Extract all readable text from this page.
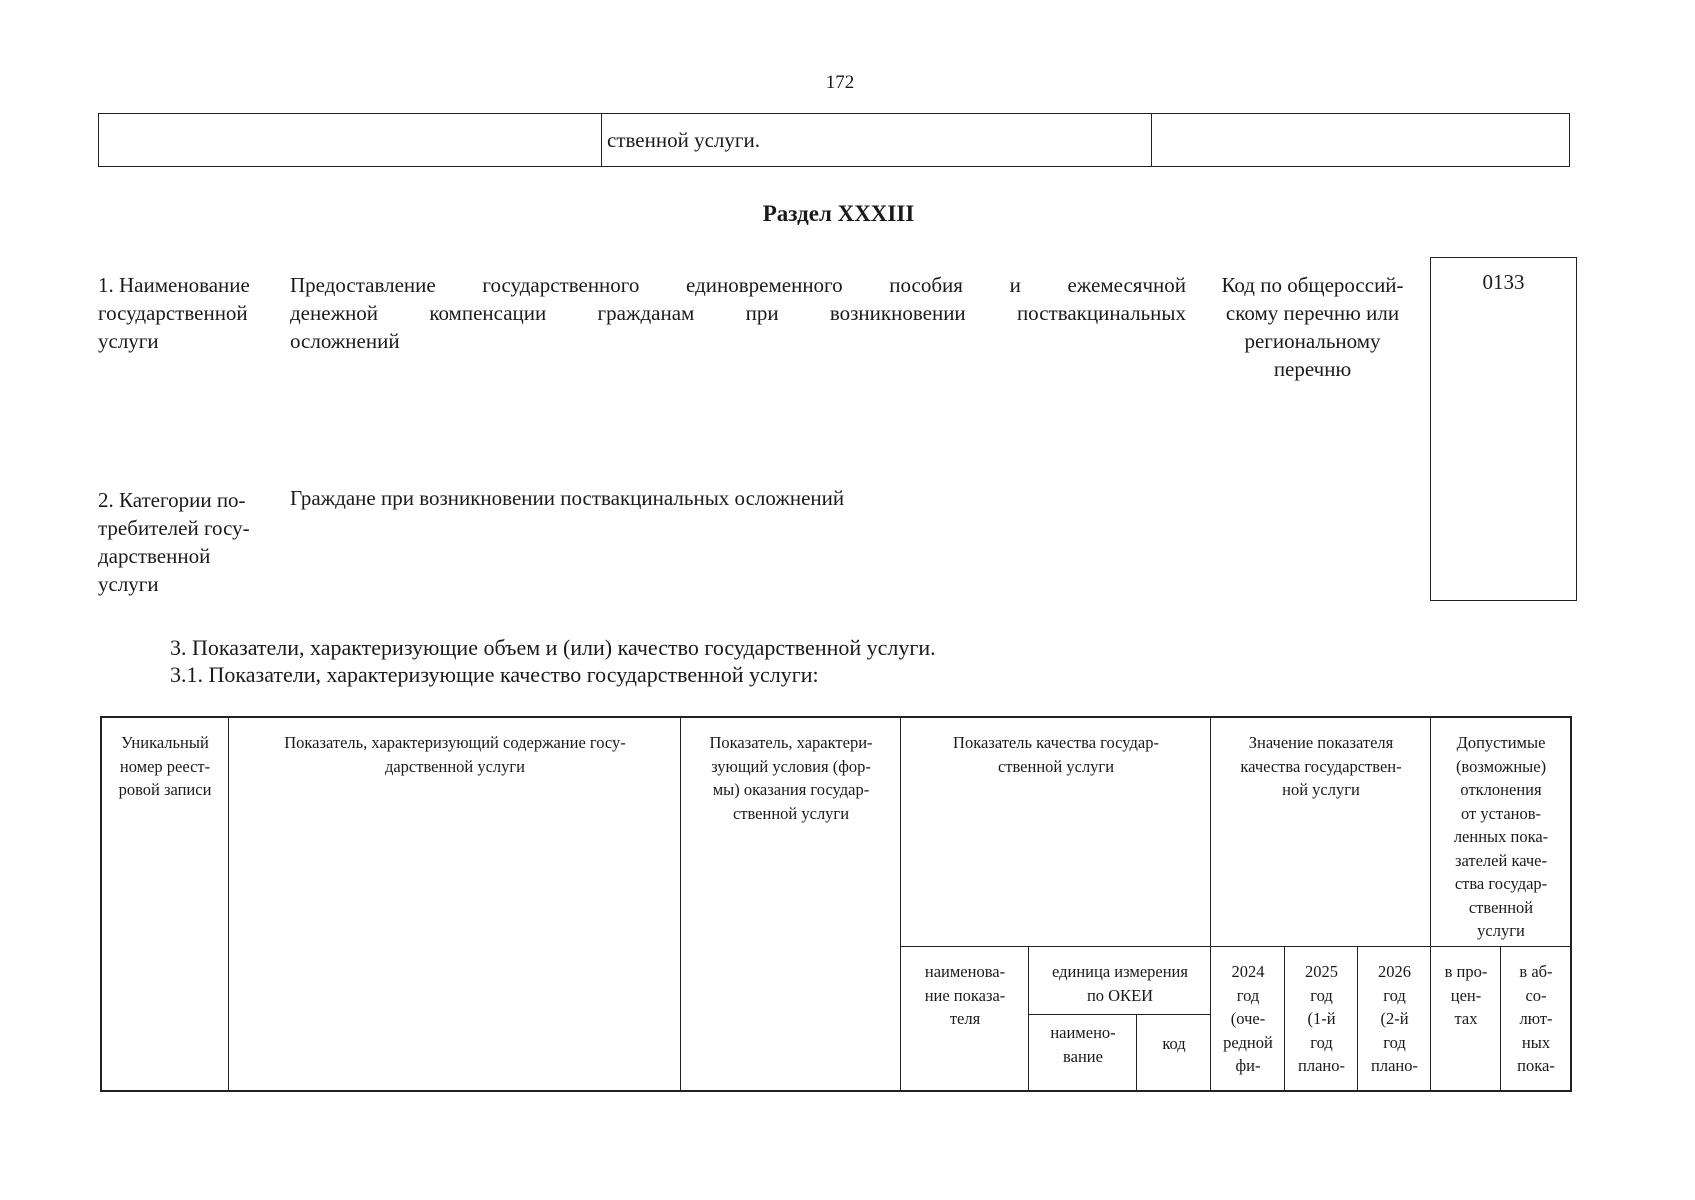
172
ственной услуги.
Раздел XXXIII
1. Наименование
государственной
услуги
Предоставление государственного единовременного пособия и ежемесячной
денежной компенсации гражданам при возникновении поствакцинальных
осложнений
Код по общероссий-
скому перечню или
региональному
перечню
0133
2. Категории по-
требителей госу-
дарственной
услуги
Граждане при возникновении поствакцинальных осложнений
3. Показатели, характеризующие объем и (или) качество государственной услуги.
3.1. Показатели, характеризующие качество государственной услуги:
Уникальный
номер реест-
ровой записи
Показатель, характеризующий содержание госу-
дарственной услуги
Показатель, характери-
зующий условия (фор-
мы) оказания государ-
ственной услуги
Показатель качества государ-
ственной услуги
Значение показателя
качества государствен-
ной услуги
Допустимые
(возможные)
отклонения
от установ-
ленных пока-
зателей каче-
ства государ-
ственной
услуги
наименова-
ние показа-
теля
единица измерения
по ОКЕИ
наимено-
вание
код
2024
год
(оче-
редной
фи-
2025
год
(1-й
год
плано-
2026
год
(2-й
год
плано-
в про-
цен-
тах
в аб-
со-
лют-
ных
пока-
